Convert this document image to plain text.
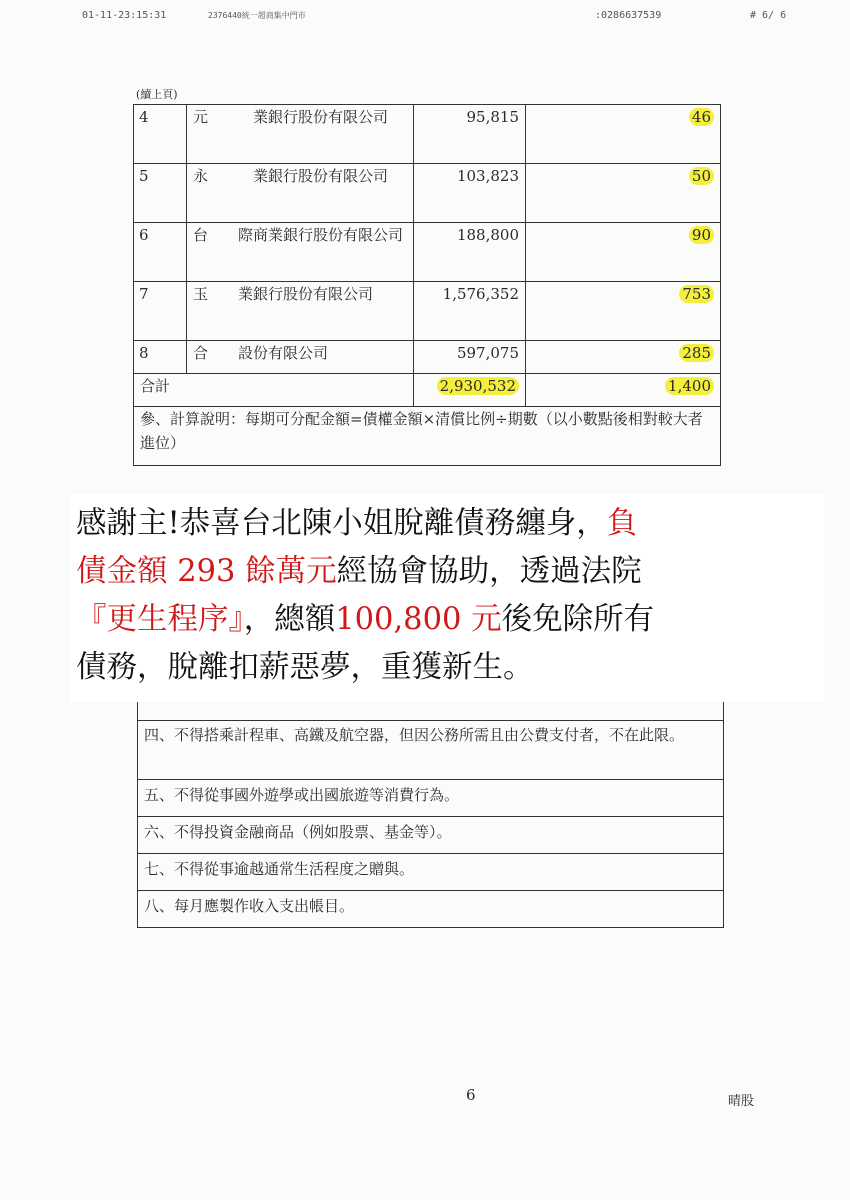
01-11-23:15:31	2376440統一超商集中門市	:0286637539	# 6/ 6
(續上頁)
4	元　　　業銀行股份有限公司	95,815	46
5	永　　　業銀行股份有限公司	103,823	50
6	台　　際商業銀行股份有限公司	188,800	90
7	玉　　業銀行股份有限公司	1,576,352	753
8	合　　設份有限公司	597,075	285
合計		2,930,532	1,400
參、計算說明：每期可分配金額=債權金額×清償比例÷期數（以小數點後相對較大者進位）			
感謝主!恭喜台北陳小姐脫離債務纏身，負
債金額 293 餘萬元經協會協助，透過法院
『更生程序』，總額100,800 元後免除所有
債務，脫離扣薪惡夢，重獲新生。

四、不得搭乘計程車、高鐵及航空器，但因公務所需且由公費支付者，不在此限。
五、不得從事國外遊學或出國旅遊等消費行為。
六、不得投資金融商品（例如股票、基金等）。
七、不得從事逾越通常生活程度之贈與。
八、每月應製作收入支出帳目。
6	晴股
